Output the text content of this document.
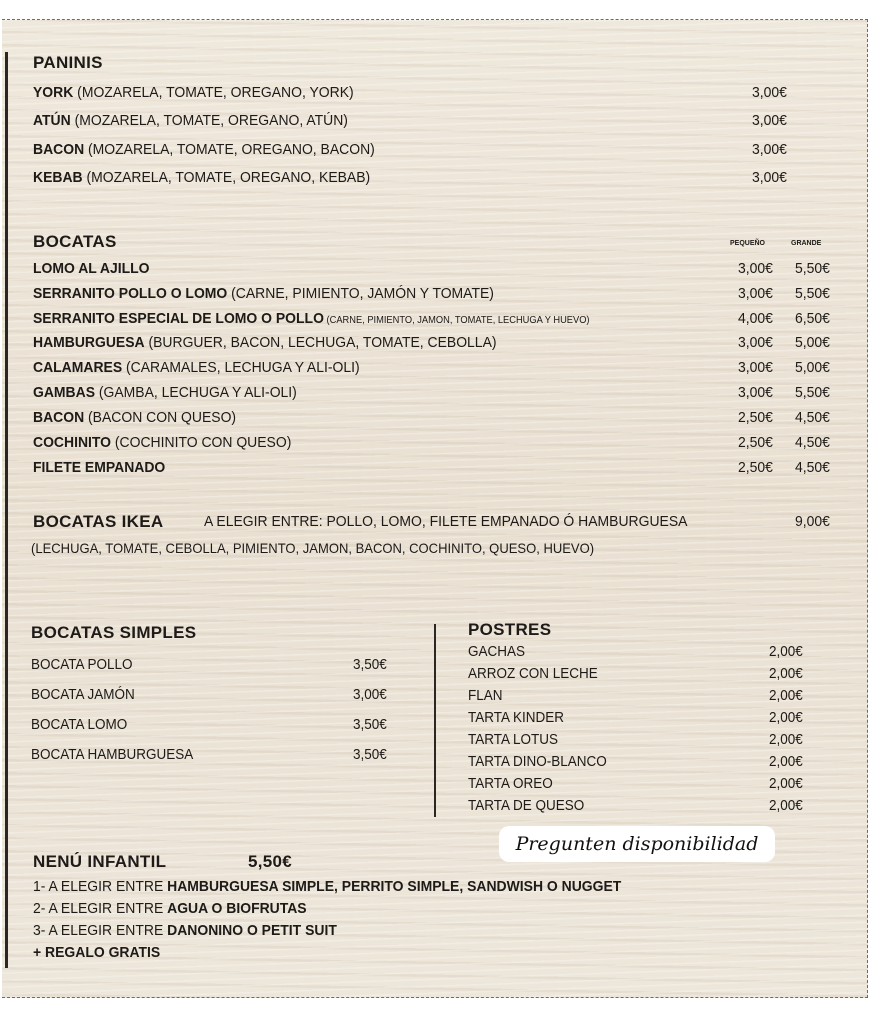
PANINIS
YORK (MOZARELA, TOMATE, OREGANO, YORK)	3,00€
ATÚN (MOZARELA, TOMATE, OREGANO, ATÚN)	3,00€
BACON (MOZARELA, TOMATE, OREGANO, BACON)	3,00€
KEBAB (MOZARELA, TOMATE, OREGANO, KEBAB)	3,00€
BOCATAS	PEQUEÑO	GRANDE
LOMO AL AJILLO	3,00€ 5,50€
SERRANITO POLLO O LOMO (CARNE, PIMIENTO, JAMÓN Y TOMATE)	3,00€ 5,50€
SERRANITO ESPECIAL DE LOMO O POLLO (CARNE, PIMIENTO, JAMON, TOMATE, LECHUGA Y HUEVO)	4,00€ 6,50€
HAMBURGUESA (BURGUER, BACON, LECHUGA, TOMATE, CEBOLLA)	3,00€ 5,00€
CALAMARES (CARAMALES, LECHUGA Y ALI-OLI)	3,00€ 5,00€
GAMBAS (GAMBA, LECHUGA Y ALI-OLI)	3,00€ 5,50€
BACON (BACON CON QUESO)	2,50€ 4,50€
COCHINITO (COCHINITO CON QUESO)	2,50€ 4,50€
FILETE EMPANADO	2,50€ 4,50€
BOCATAS IKEA	A ELEGIR ENTRE: POLLO, LOMO, FILETE EMPANADO Ó HAMBURGUESA	9,00€
(LECHUGA, TOMATE, CEBOLLA, PIMIENTO, JAMON, BACON, COCHINITO, QUESO, HUEVO)
BOCATAS SIMPLES
BOCATA POLLO	3,50€
BOCATA JAMÓN	3,00€
BOCATA LOMO	3,50€
BOCATA HAMBURGUESA	3,50€
POSTRES
GACHAS	2,00€
ARROZ CON LECHE	2,00€
FLAN	2,00€
TARTA KINDER	2,00€
TARTA LOTUS	2,00€
TARTA DINO-BLANCO	2,00€
TARTA OREO	2,00€
TARTA DE QUESO	2,00€
Pregunten disponibilidad
NENÚ INFANTIL	5,50€
1- A ELEGIR ENTRE HAMBURGUESA SIMPLE, PERRITO SIMPLE, SANDWISH O NUGGET
2- A ELEGIR ENTRE AGUA O BIOFRUTAS
3- A ELEGIR ENTRE DANONINO O PETIT SUIT
+ REGALO GRATIS
